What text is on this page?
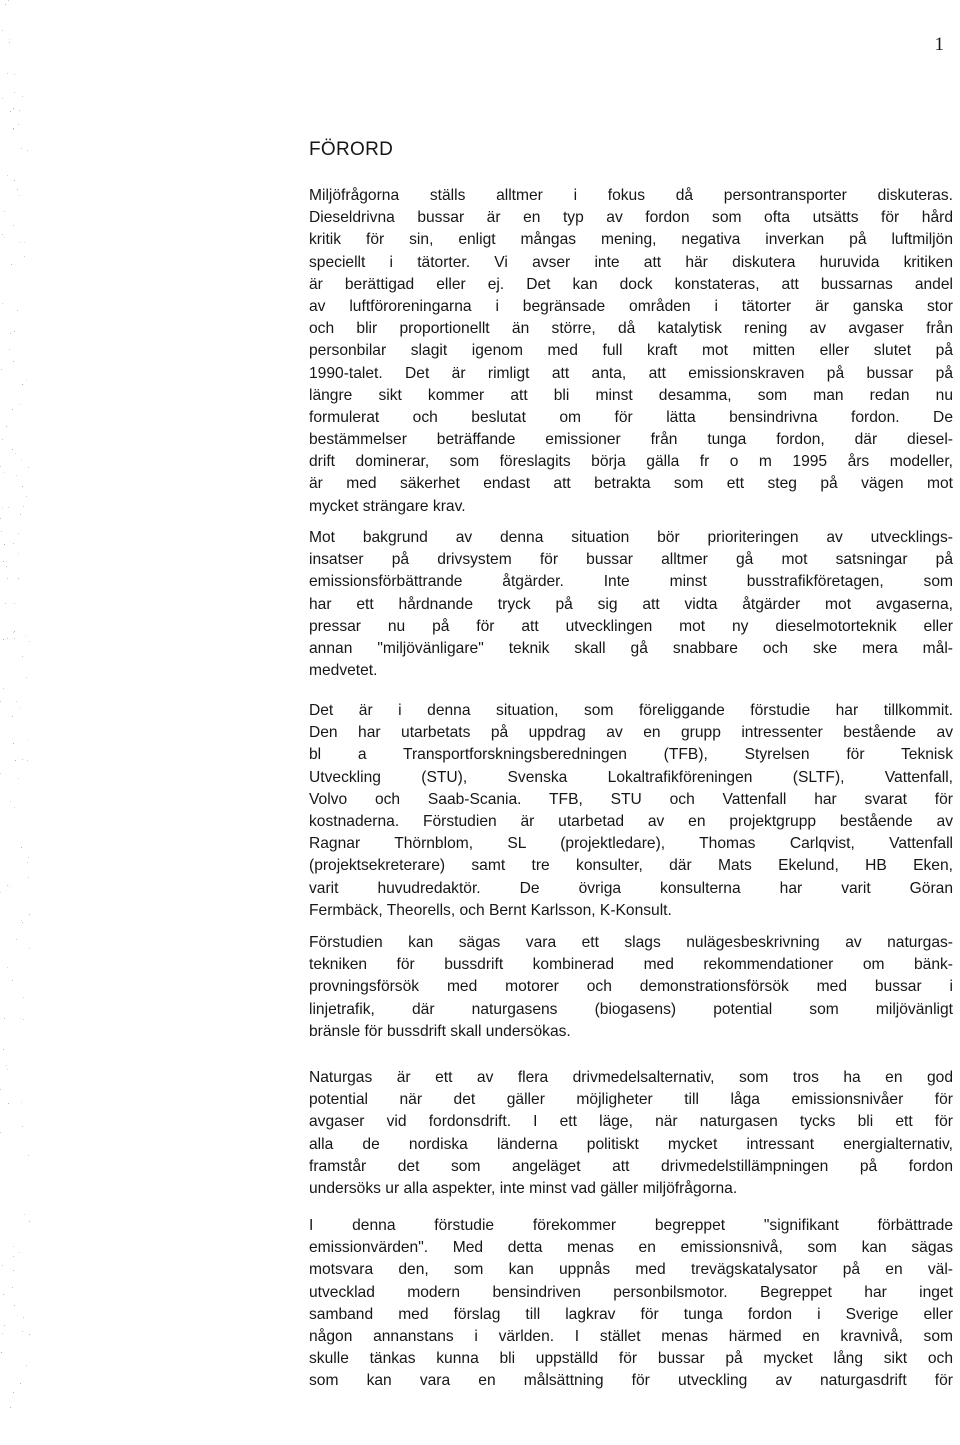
1
FÖRORD

Miljöfrågorna ställs alltmer i fokus då persontransporter diskuteras.
Dieseldrivna bussar är en typ av fordon som ofta utsätts för hård
kritik för sin, enligt mångas mening, negativa inverkan på luftmiljön
speciellt i tätorter. Vi avser inte att här diskutera huruvida kritiken
är berättigad eller ej. Det kan dock konstateras, att bussarnas andel
av luftföroreningarna i begränsade områden i tätorter är ganska stor
och blir proportionellt än större, då katalytisk rening av avgaser från
personbilar slagit igenom med full kraft mot mitten eller slutet på
1990-talet. Det är rimligt att anta, att emissionskraven på bussar på
längre sikt kommer att bli minst desamma, som man redan nu
formulerat och beslutat om för lätta bensindrivna fordon. De
bestämmelser beträffande emissioner från tunga fordon, där diesel-
drift dominerar, som föreslagits börja gälla fr o m 1995 års modeller,
är med säkerhet endast att betrakta som ett steg på vägen mot
mycket strängare krav.

Mot bakgrund av denna situation bör prioriteringen av utvecklings-
insatser på drivsystem för bussar alltmer gå mot satsningar på
emissionsförbättrande åtgärder. Inte minst busstrafikföretagen, som
har ett hårdnande tryck på sig att vidta åtgärder mot avgaserna,
pressar nu på för att utvecklingen mot ny dieselmotorteknik eller
annan "miljövänligare" teknik skall gå snabbare och ske mera mål-
medvetet.

Det är i denna situation, som föreliggande förstudie har tillkommit.
Den har utarbetats på uppdrag av en grupp intressenter bestående av
bl a Transportforskningsberedningen (TFB), Styrelsen för Teknisk
Utveckling (STU), Svenska Lokaltrafikföreningen (SLTF), Vattenfall,
Volvo och Saab-Scania. TFB, STU och Vattenfall har svarat för
kostnaderna. Förstudien är utarbetad av en projektgrupp bestående av
Ragnar Thörnblom, SL (projektledare), Thomas Carlqvist, Vattenfall
(projektsekreterare) samt tre konsulter, där Mats Ekelund, HB Eken,
varit huvudredaktör. De övriga konsulterna har varit Göran
Fermbäck, Theorells, och Bernt Karlsson, K-Konsult.

Förstudien kan sägas vara ett slags nulägesbeskrivning av naturgas-
tekniken för bussdrift kombinerad med rekommendationer om bänk-
provningsförsök med motorer och demonstrationsförsök med bussar i
linjetrafik, där naturgasens (biogasens) potential som miljövänligt
bränsle för bussdrift skall undersökas.

Naturgas är ett av flera drivmedelsalternativ, som tros ha en god
potential när det gäller möjligheter till låga emissionsnivåer för
avgaser vid fordonsdrift. I ett läge, när naturgasen tycks bli ett för
alla de nordiska länderna politiskt mycket intressant energialternativ,
framstår det som angeläget att drivmedelstillämpningen på fordon
undersöks ur alla aspekter, inte minst vad gäller miljöfrågorna.

I denna förstudie förekommer begreppet "signifikant förbättrade
emissionvärden". Med detta menas en emissionsnivå, som kan sägas
motsvara den, som kan uppnås med trevägskatalysator på en väl-
utvecklad modern bensindriven personbilsmotor. Begreppet har inget
samband med förslag till lagkrav för tunga fordon i Sverige eller
någon annanstans i världen. I stället menas härmed en kravnivå, som
skulle tänkas kunna bli uppställd för bussar på mycket lång sikt och
som kan vara en målsättning för utveckling av naturgasdrift för
